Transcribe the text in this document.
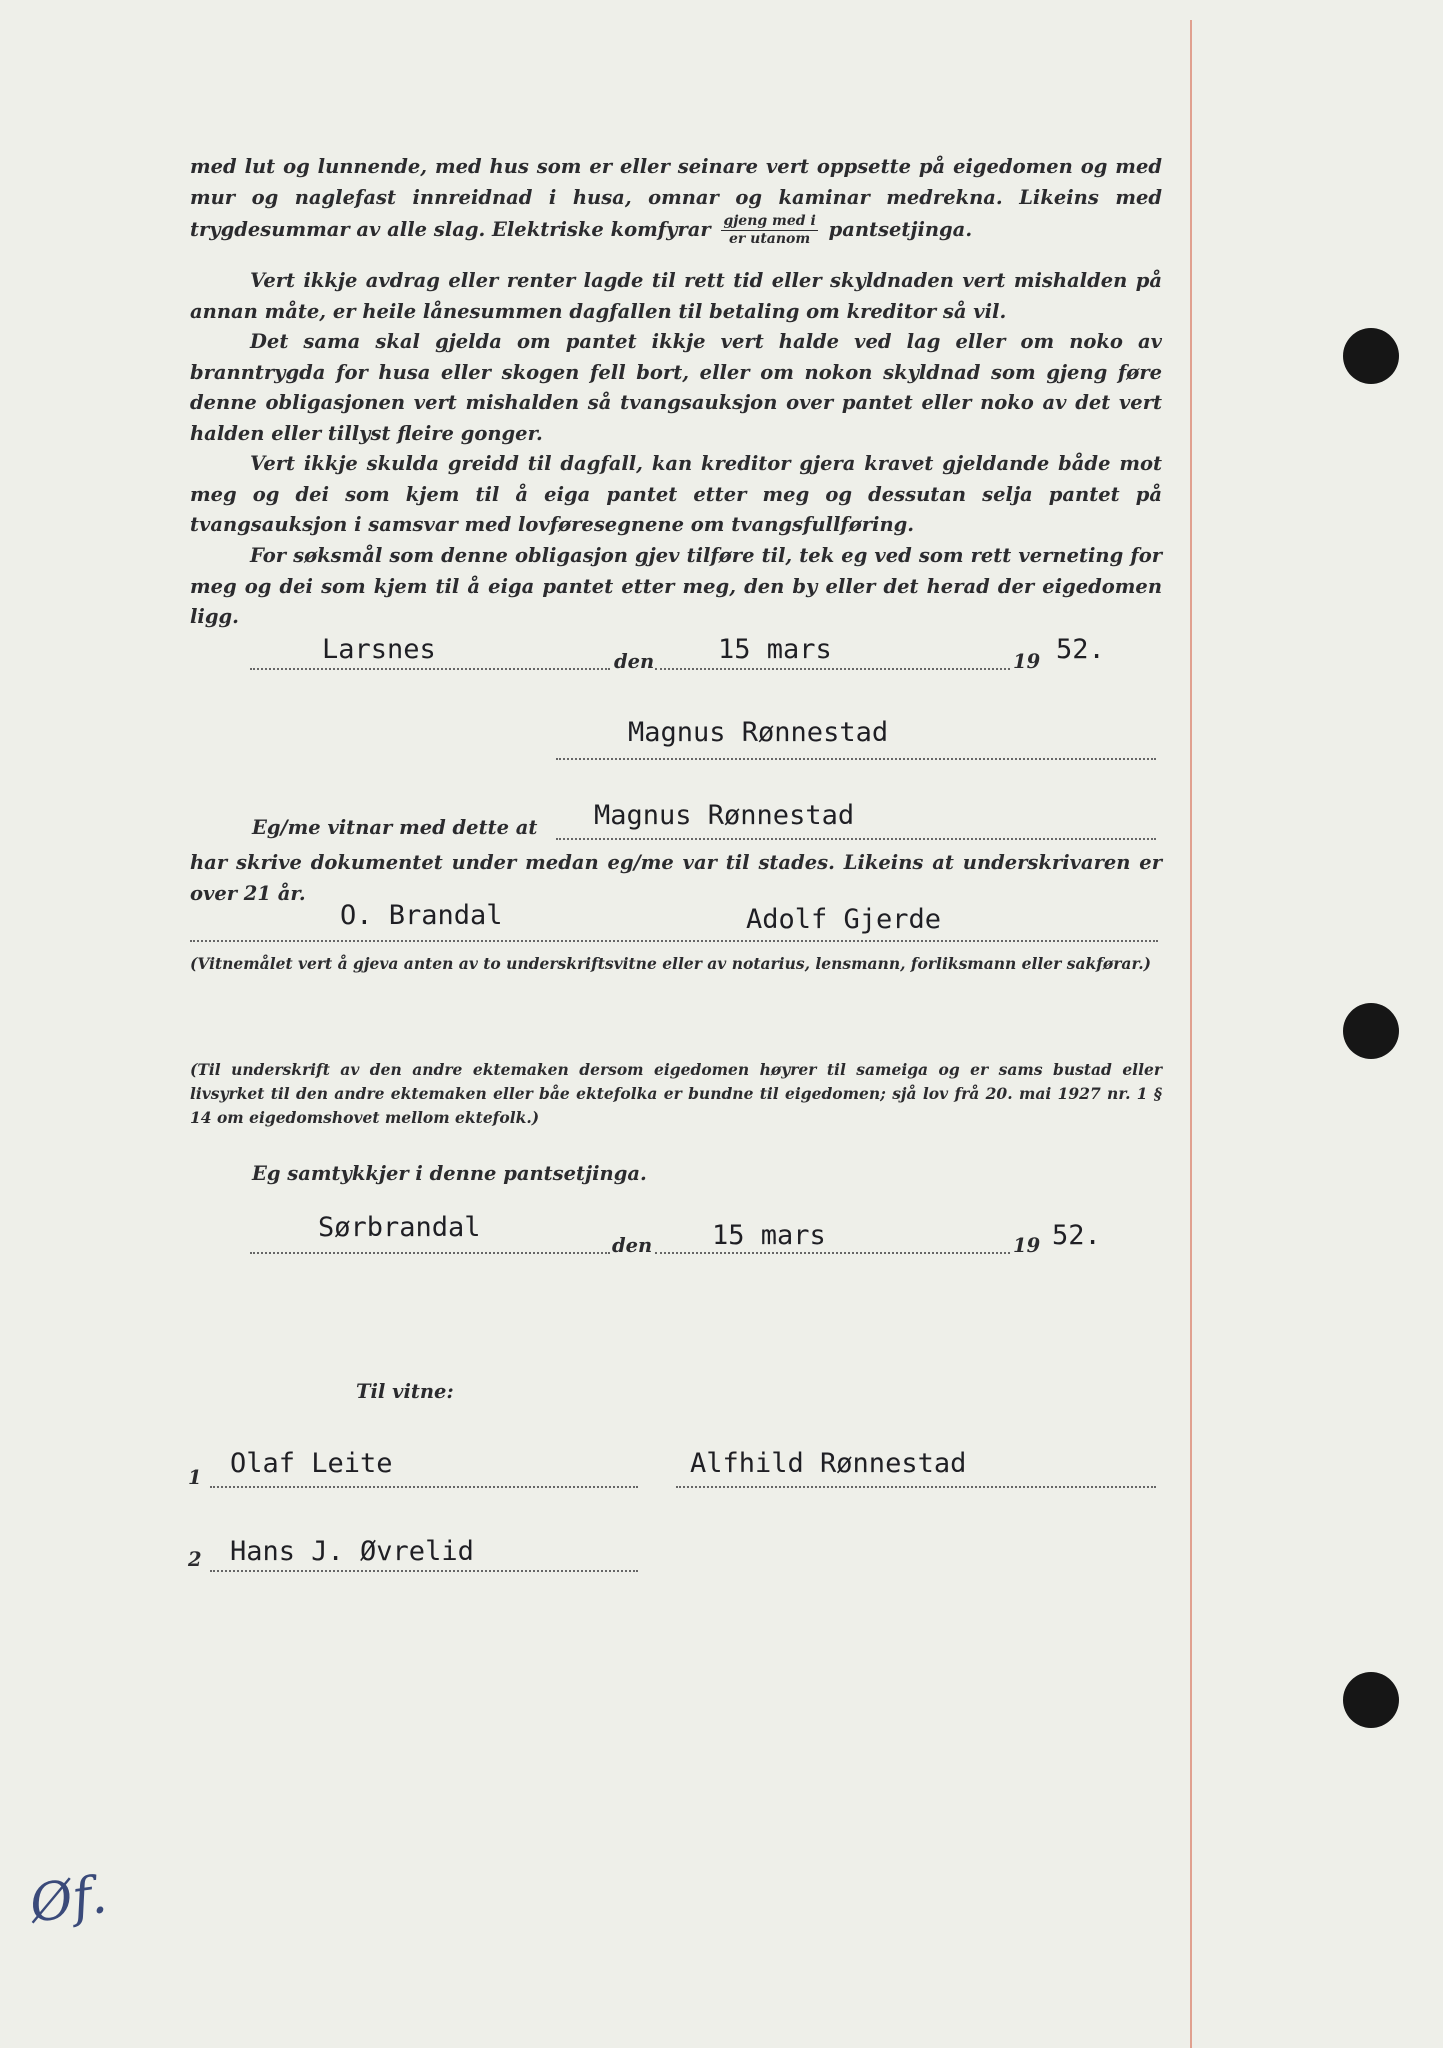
med lut og lunnende, med hus som er eller seinare vert oppsette på eigedomen og med mur og naglefast innreidnad i husa, omnar og kaminar medrekna. Likeins med trygdesummar av alle slag. Elektriske komfyrar $\frac{\text{gjeng med i}}{\text{er utanom}}$ pantsetjinga.

Vert ikkje avdrag eller renter lagde til rett tid eller skyldnaden vert mishalden på annan måte, er heile lånesummen dagfallen til betaling om kreditor så vil.

Det sama skal gjelda om pantet ikkje vert halde ved lag eller om noko av branntrygda for husa eller skogen fell bort, eller om nokon skyldnad som gjeng føre denne obligasjonen vert mishalden så tvangsauksjon over pantet eller noko av det vert halden eller tillyst fleire gonger.

Vert ikkje skulda greidd til dagfall, kan kreditor gjera kravet gjeldande både mot meg og dei som kjem til å eiga pantet etter meg og dessutan selja pantet på tvangsauksjon i samsvar med lovføresegnene om tvangsfullføring.

For søksmål som denne obligasjon gjev tilføre til, tek eg ved som rett verneting for meg og dei som kjem til å eiga pantet etter meg, den by eller det herad der eigedomen ligg.

Larsnes	den 15 mars	19 52.
Magnus Rønnestad
Eg/me vitnar med dette at Magnus Rønnestad

har skrive dokumentet under medan eg/me var til stades. Likeins at underskrivaren er over 21 år.

O. Brandal	Adolf Gjerde

(Vitnemålet vert å gjeva anten av to underskriftsvitne eller av notarius, lensmann, forliksmann eller sakførar.)

(Til underskrift av den andre ektemaken dersom eigedomen høyrer til sameiga og er sams bustad eller livsyrket til den andre ektemaken eller båe ektefolka er bundne til eigedomen; sjå lov frå 20. mai 1927 nr. 1 § 14 om eigedomshovet mellom ektefolk.)

Eg samtykkjer i denne pantsetjinga.
Sørbrandal
den 15 mars	19 52.
Til vitne:
1 Olaf Leite	Alfhild Rønnestad
2 Hans J. Øvrelid
Øf.
